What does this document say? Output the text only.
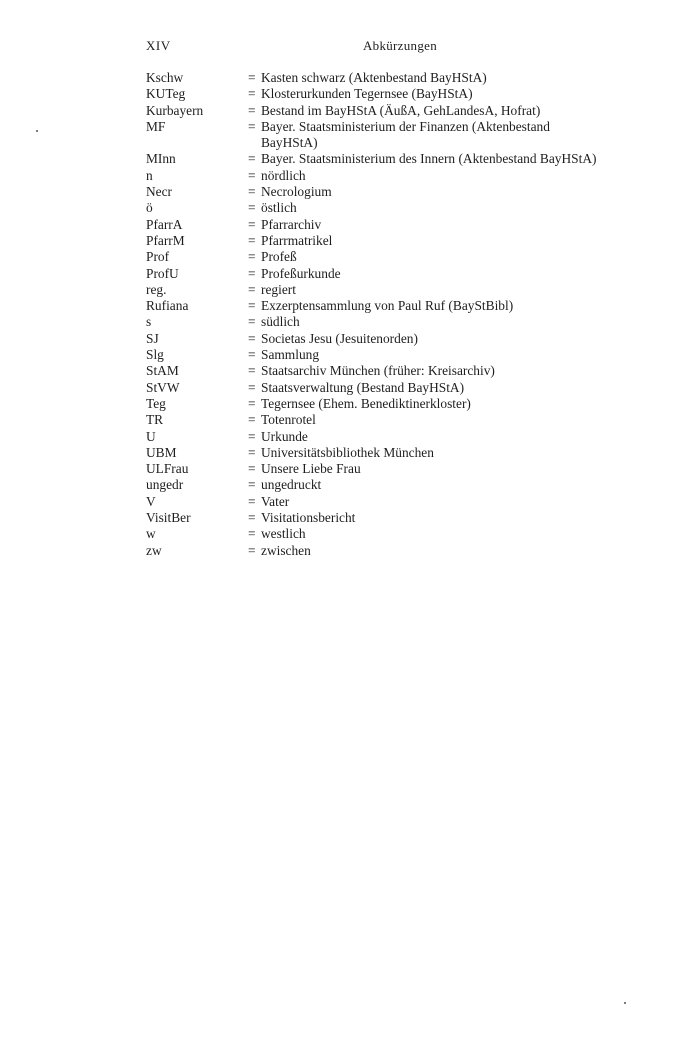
XIV	Abkürzungen
Kschw	= Kasten schwarz (Aktenbestand BayHStA)
KUTeg	= Klosterurkunden Tegernsee (BayHStA)
Kurbayern	= Bestand im BayHStA (ÄußA, GehLandesA, Hofrat)
MF	= Bayer. Staatsministerium der Finanzen (Aktenbestand
BayHStA)
MInn	= Bayer. Staatsministerium des Innern (Aktenbestand BayHStA)
n	= nördlich
Necr	= Necrologium
ö	= östlich
PfarrA	= Pfarrarchiv
PfarrM	= Pfarrmatrikel
Prof	= Profeß
ProfU	= Profeßurkunde
reg.	= regiert
Rufiana	= Exzerptensammlung von Paul Ruf (BayStBibl)
s	= südlich
SJ	= Societas Jesu (Jesuitenorden)
Slg	= Sammlung
StAM	= Staatsarchiv München (früher: Kreisarchiv)
StVW	= Staatsverwaltung (Bestand BayHStA)
Teg	= Tegernsee (Ehem. Benediktinerkloster)
TR	= Totenrotel
U	= Urkunde
UBM	= Universitätsbibliothek München
ULFrau	= Unsere Liebe Frau
ungedr	= ungedruckt
V	= Vater
VisitBer	= Visitationsbericht
w	= westlich
zw	= zwischen
